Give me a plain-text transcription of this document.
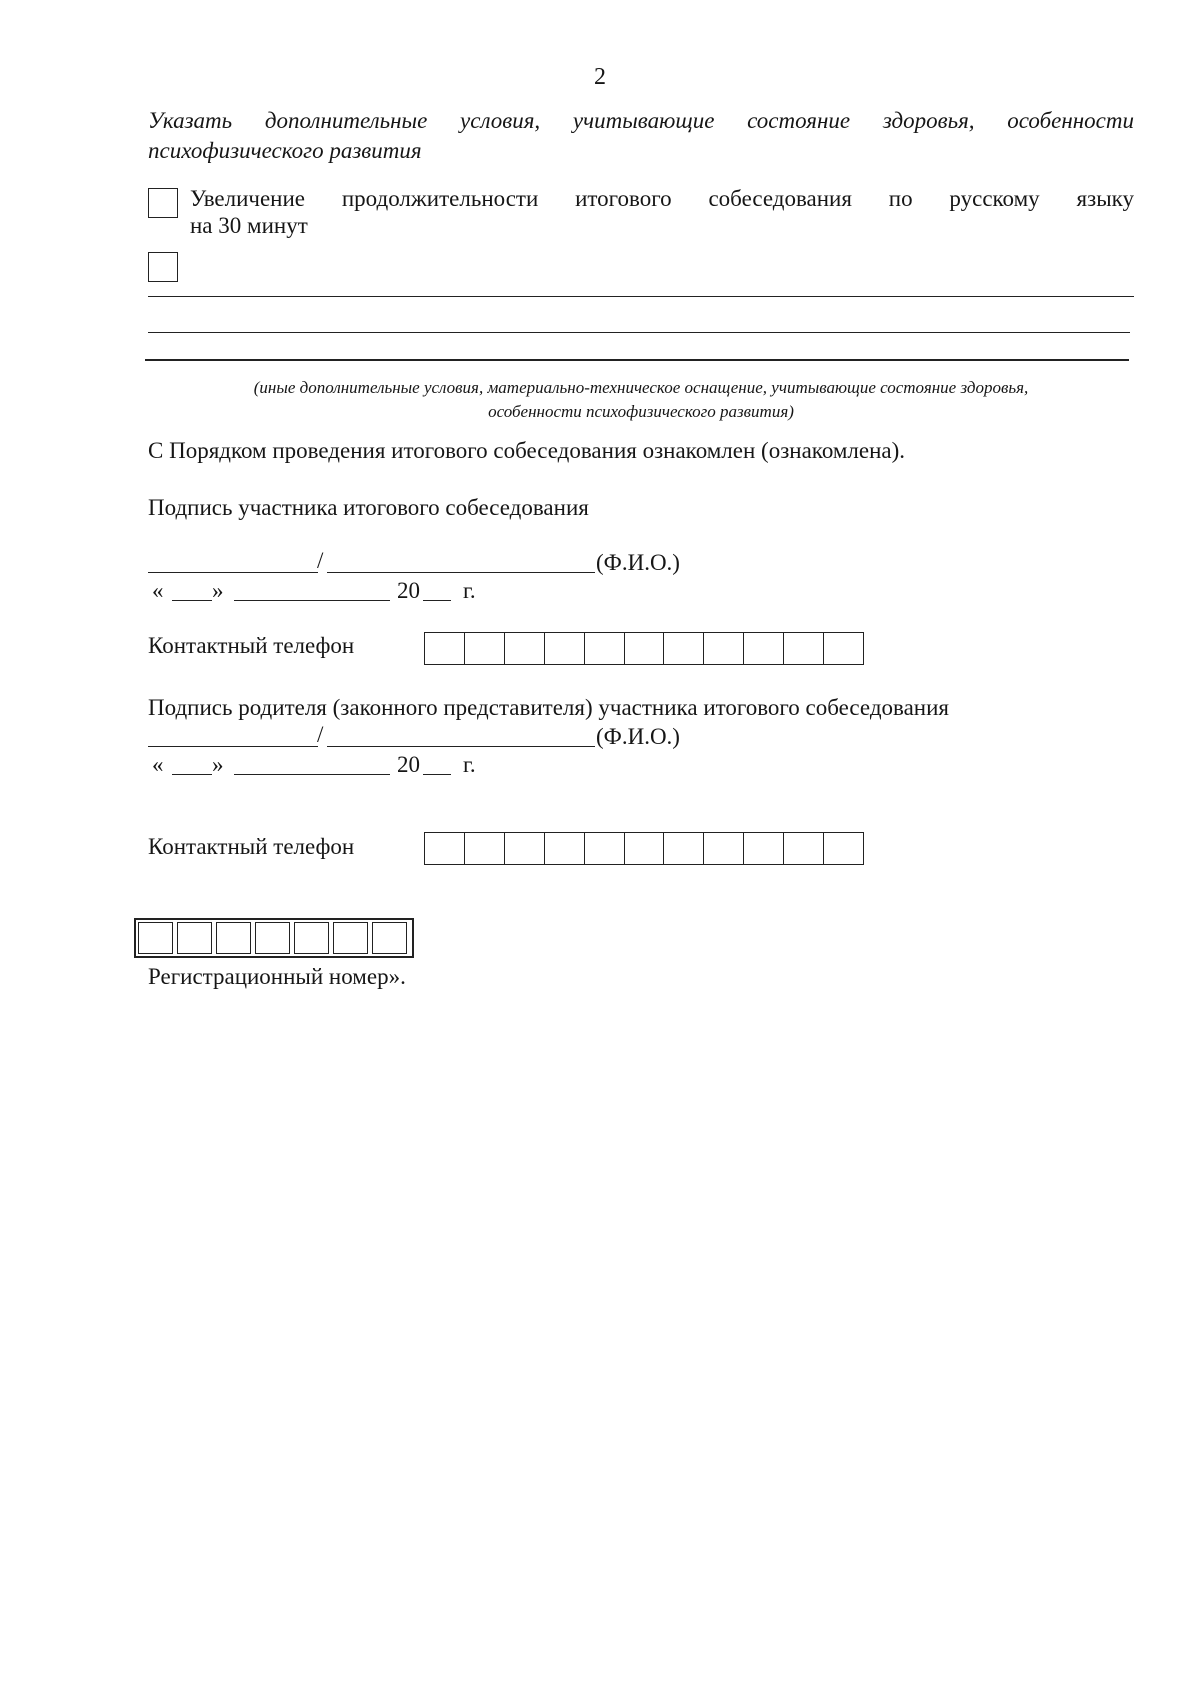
2
Указать дополнительные условия, учитывающие состояние здоровья, особенности
психофизического развития
Увеличение продолжительности итогового собеседования по русскому языку
на 30 минут
(иные дополнительные условия, материально-техническое оснащение, учитывающие состояние здоровья,
особенности психофизического развития)
С Порядком проведения итогового собеседования ознакомлен (ознакомлена).
Подпись участника итогового собеседования
/	(Ф.И.О.)
« »	20 г.
Контактный телефон
Подпись родителя (законного представителя) участника итогового собеседования
/	(Ф.И.О.)
« »	20 г.
Контактный телефон
Регистрационный номер».
